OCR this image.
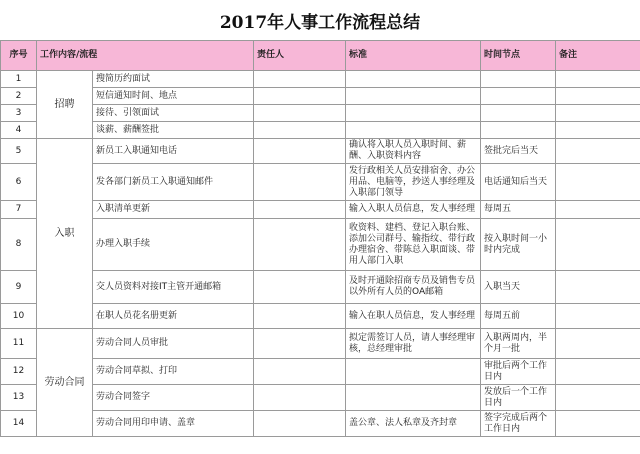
2017年人事工作流程总结
序号	工作内容/流程		责任人	标准	时间节点	备注
1	招聘	搜简历约面试				
2		短信通知时间、地点				
3		接待、引领面试				
4		谈薪、薪酬签批				
5	入职	新员工入职通知电话		确认将入职人员入职时间、薪酬、入职资料内容	签批完后当天	
6		发各部门新员工入职通知邮件		发行政相关人员安排宿舍、办公用品、电脑等，抄送人事经理及入职部门领导	电话通知后当天	
7		入职清单更新		输入入职人员信息，发人事经理	每周五	
8		办理入职手续		收资料、建档、登记入职台账、添加公司群号、输指纹、带行政办理宿舍、带陈总入职面谈、带用人部门入职	按入职时间一小时内完成	
9		交人员资料对接IT主管开通邮箱		及时开通除招商专员及销售专员以外所有人员的OA邮箱	入职当天	
10		在职人员花名册更新		输入在职人员信息，发人事经理	每周五前	
11	劳动合同	劳动合同人员审批		拟定需签订人员，请人事经理审核，总经理审批	入职两周内，半个月一批	
12		劳动合同草拟、打印			审批后两个工作日内	
13		劳动合同签字			发放后一个工作日内	
14		劳动合同用印申请、盖章		盖公章、法人私章及齐封章	签字完成后两个工作日内	
